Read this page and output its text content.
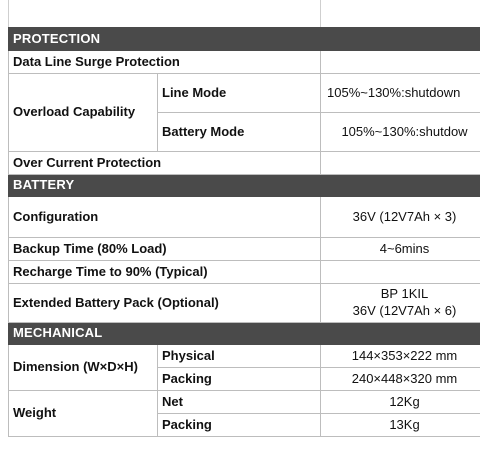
PROTECTION		
Data Line Surge Protection		
Overload Capability	Line Mode	105%~130%:shutdown
	Battery Mode	105%~130%:shutdow
Over Current Protection		
BATTERY		
Configuration		36V (12V7Ah × 3)
Backup Time (80% Load)		4~6mins
Recharge Time to 90% (Typical)		
Extended Battery Pack (Optional)		BP 1KIL
36V (12V7Ah × 6)

MECHANICAL		
Dimension (W×D×H)	Physical	144×353×222 mm
	Packing	240×448×320 mm
Weight	Net	12Kg
	Packing	13Kg
